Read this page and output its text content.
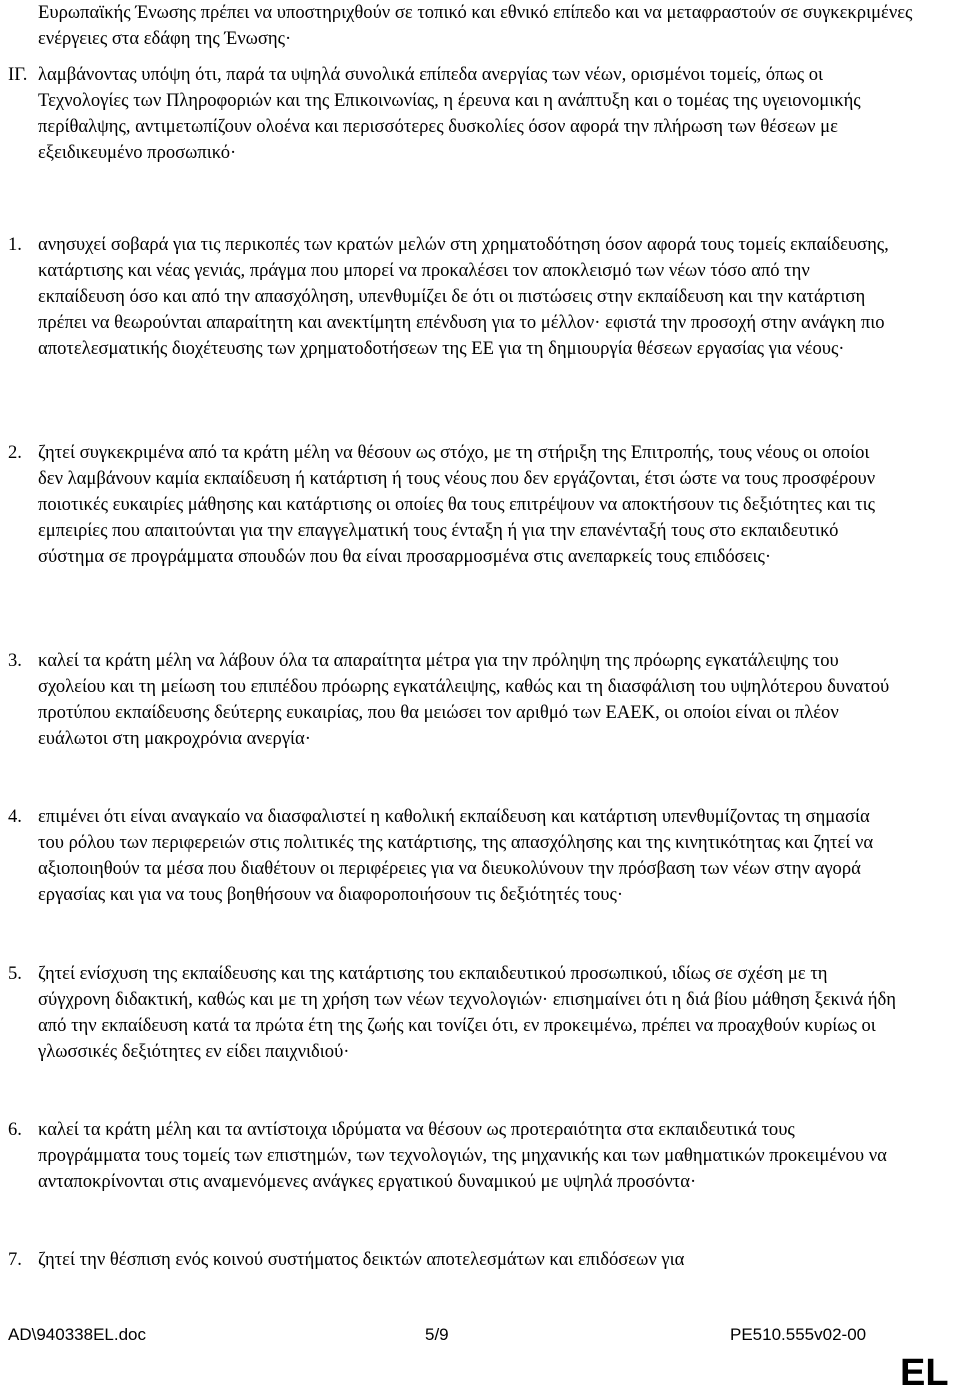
Ευρωπαϊκής Ένωσης πρέπει να υποστηριχθούν σε τοπικό και εθνικό επίπεδο και να μεταφραστούν σε συγκεκριμένες ενέργειες στα εδάφη της Ένωσης·
ΙΓ. λαμβάνοντας υπόψη ότι, παρά τα υψηλά συνολικά επίπεδα ανεργίας των νέων, ορισμένοι τομείς, όπως οι Τεχνολογίες των Πληροφοριών και της Επικοινωνίας, η έρευνα και η ανάπτυξη και ο τομέας της υγειονομικής περίθαλψης, αντιμετωπίζουν ολοένα και περισσότερες δυσκολίες όσον αφορά την πλήρωση των θέσεων με εξειδικευμένο προσωπικό·
1. ανησυχεί σοβαρά για τις περικοπές των κρατών μελών στη χρηματοδότηση όσον αφορά τους τομείς εκπαίδευσης, κατάρτισης και νέας γενιάς, πράγμα που μπορεί να προκαλέσει τον αποκλεισμό των νέων τόσο από την εκπαίδευση όσο και από την απασχόληση, υπενθυμίζει δε ότι οι πιστώσεις στην εκπαίδευση και την κατάρτιση πρέπει να θεωρούνται απαραίτητη και ανεκτίμητη επένδυση για το μέλλον· εφιστά την προσοχή στην ανάγκη πιο αποτελεσματικής διοχέτευσης των χρηματοδοτήσεων της ΕΕ για τη δημιουργία θέσεων εργασίας για νέους·
2. ζητεί συγκεκριμένα από τα κράτη μέλη να θέσουν ως στόχο, με τη στήριξη της Επιτροπής, τους νέους οι οποίοι δεν λαμβάνουν καμία εκπαίδευση ή κατάρτιση ή τους νέους που δεν εργάζονται, έτσι ώστε να τους προσφέρουν ποιοτικές ευκαιρίες μάθησης και κατάρτισης οι οποίες θα τους επιτρέψουν να αποκτήσουν τις δεξιότητες και τις εμπειρίες που απαιτούνται για την επαγγελματική τους ένταξη ή για την επανένταξή τους στο εκπαιδευτικό σύστημα σε προγράμματα σπουδών που θα είναι προσαρμοσμένα στις ανεπαρκείς τους επιδόσεις·
3. καλεί τα κράτη μέλη να λάβουν όλα τα απαραίτητα μέτρα για την πρόληψη της πρόωρης εγκατάλειψης του σχολείου και τη μείωση του επιπέδου πρόωρης εγκατάλειψης, καθώς και τη διασφάλιση του υψηλότερου δυνατού προτύπου εκπαίδευσης δεύτερης ευκαιρίας, που θα μειώσει τον αριθμό των ΕΑΕΚ, οι οποίοι είναι οι πλέον ευάλωτοι στη μακροχρόνια ανεργία·
4. επιμένει ότι είναι αναγκαίο να διασφαλιστεί η καθολική εκπαίδευση και κατάρτιση υπενθυμίζοντας τη σημασία του ρόλου των περιφερειών στις πολιτικές της κατάρτισης, της απασχόλησης και της κινητικότητας και ζητεί να αξιοποιηθούν τα μέσα που διαθέτουν οι περιφέρειες για να διευκολύνουν την πρόσβαση των νέων στην αγορά εργασίας και για να τους βοηθήσουν να διαφοροποιήσουν τις δεξιότητές τους·
5. ζητεί ενίσχυση της εκπαίδευσης και της κατάρτισης του εκπαιδευτικού προσωπικού, ιδίως σε σχέση με τη σύγχρονη διδακτική, καθώς και με τη χρήση των νέων τεχνολογιών· επισημαίνει ότι η διά βίου μάθηση ξεκινά ήδη από την εκπαίδευση κατά τα πρώτα έτη της ζωής και τονίζει ότι, εν προκειμένω, πρέπει να προαχθούν κυρίως οι γλωσσικές δεξιότητες εν είδει παιχνιδιού·
6. καλεί τα κράτη μέλη και τα αντίστοιχα ιδρύματα να θέσουν ως προτεραιότητα στα εκπαιδευτικά τους προγράμματα τους τομείς των επιστημών, των τεχνολογιών, της μηχανικής και των μαθηματικών προκειμένου να ανταποκρίνονται στις αναμενόμενες ανάγκες εργατικού δυναμικού με υψηλά προσόντα·
7. ζητεί την θέσπιση ενός κοινού συστήματος δεικτών αποτελεσμάτων και επιδόσεων για
AD\940338EL.doc	5/9	PE510.555v02-00
EL
